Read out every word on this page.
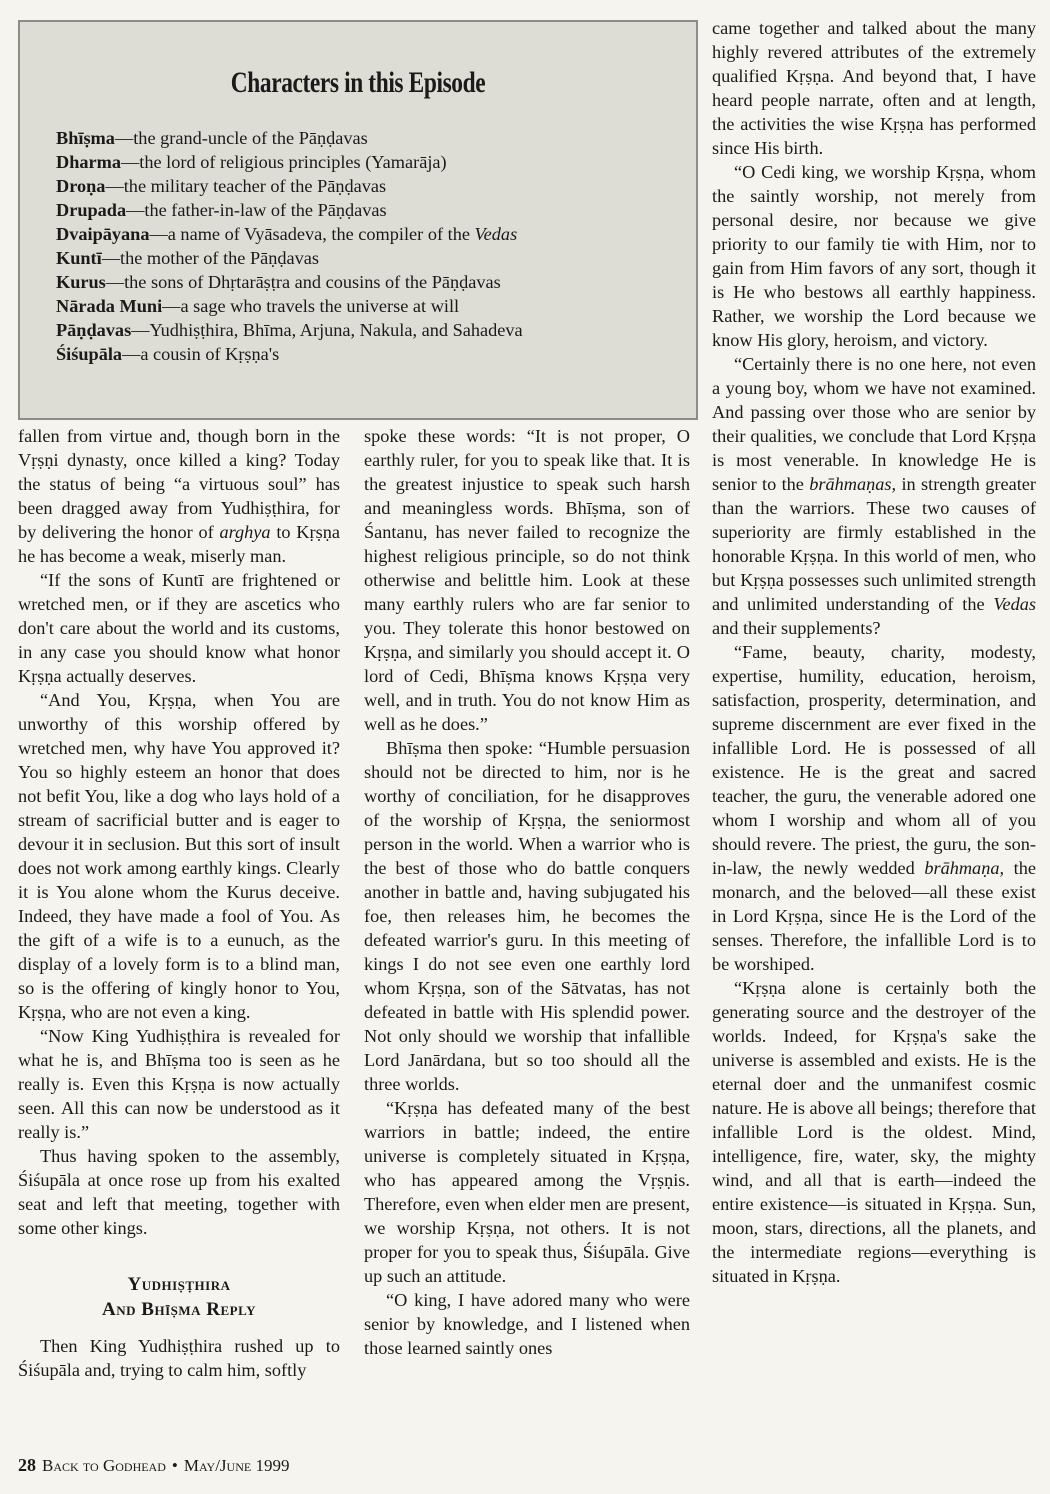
Characters in this Episode
Bhīṣma—the grand-uncle of the Pāṇḍavas
Dharma—the lord of religious principles (Yamarāja)
Droṇa—the military teacher of the Pāṇḍavas
Drupada—the father-in-law of the Pāṇḍavas
Dvaipāyana—a name of Vyāsadeva, the compiler of the Vedas
Kuntī—the mother of the Pāṇḍavas
Kurus—the sons of Dhṛtarāṣṭra and cousins of the Pāṇḍavas
Nārada Muni—a sage who travels the universe at will
Pāṇḍavas—Yudhiṣṭhira, Bhīma, Arjuna, Nakula, and Sahadeva
Śiśupāla—a cousin of Kṛṣṇa's

fallen from virtue and, though born in the Vṛṣṇi dynasty, once killed a king? Today the status of being “a virtuous soul” has been dragged away from Yudhiṣṭhira, for by delivering the honor of arghya to Kṛṣṇa he has become a weak, miserly man.

“If the sons of Kuntī are frightened or wretched men, or if they are ascetics who don't care about the world and its customs, in any case you should know what honor Kṛṣṇa actually deserves.

“And You, Kṛṣṇa, when You are unworthy of this worship offered by wretched men, why have You approved it? You so highly esteem an honor that does not befit You, like a dog who lays hold of a stream of sacrificial butter and is eager to devour it in seclusion. But this sort of insult does not work among earthly kings. Clearly it is You alone whom the Kurus deceive. Indeed, they have made a fool of You. As the gift of a wife is to a eunuch, as the display of a lovely form is to a blind man, so is the offering of kingly honor to You, Kṛṣṇa, who are not even a king.

“Now King Yudhiṣṭhira is revealed for what he is, and Bhīṣma too is seen as he really is. Even this Kṛṣṇa is now actually seen. All this can now be understood as it really is.”

Thus having spoken to the assembly, Śiśupāla at once rose up from his exalted seat and left that meeting, together with some other kings.

Yudhiṣṭhira
And Bhīṣma Reply

Then King Yudhiṣṭhira rushed up to Śiśupāla and, trying to calm him, softly

spoke these words: “It is not proper, O earthly ruler, for you to speak like that. It is the greatest injustice to speak such harsh and meaningless words. Bhīṣma, son of Śantanu, has never failed to recognize the highest religious principle, so do not think otherwise and belittle him. Look at these many earthly rulers who are far senior to you. They tolerate this honor bestowed on Kṛṣṇa, and similarly you should accept it. O lord of Cedi, Bhīṣma knows Kṛṣṇa very well, and in truth. You do not know Him as well as he does.”

Bhīṣma then spoke: “Humble persuasion should not be directed to him, nor is he worthy of conciliation, for he disapproves of the worship of Kṛṣṇa, the seniormost person in the world. When a warrior who is the best of those who do battle conquers another in battle and, having subjugated his foe, then releases him, he becomes the defeated warrior's guru. In this meeting of kings I do not see even one earthly lord whom Kṛṣṇa, son of the Sātvatas, has not defeated in battle with His splendid power. Not only should we worship that infallible Lord Janārdana, but so too should all the three worlds.

“Kṛṣṇa has defeated many of the best warriors in battle; indeed, the entire universe is completely situated in Kṛṣṇa, who has appeared among the Vṛṣṇis. Therefore, even when elder men are present, we worship Kṛṣṇa, not others. It is not proper for you to speak thus, Śiśupāla. Give up such an attitude.

“O king, I have adored many who were senior by knowledge, and I listened when those learned saintly ones

came together and talked about the many highly revered attributes of the extremely qualified Kṛṣṇa. And beyond that, I have heard people narrate, often and at length, the activities the wise Kṛṣṇa has performed since His birth.

“O Cedi king, we worship Kṛṣṇa, whom the saintly worship, not merely from personal desire, nor because we give priority to our family tie with Him, nor to gain from Him favors of any sort, though it is He who bestows all earthly happiness. Rather, we worship the Lord because we know His glory, heroism, and victory.

“Certainly there is no one here, not even a young boy, whom we have not examined. And passing over those who are senior by their qualities, we conclude that Lord Kṛṣṇa is most venerable. In knowledge He is senior to the brāhmaṇas, in strength greater than the warriors. These two causes of superiority are firmly established in the honorable Kṛṣṇa. In this world of men, who but Kṛṣṇa possesses such unlimited strength and unlimited understanding of the Vedas and their supplements?

“Fame, beauty, charity, modesty, expertise, humility, education, heroism, satisfaction, prosperity, determination, and supreme discernment are ever fixed in the infallible Lord. He is possessed of all existence. He is the great and sacred teacher, the guru, the venerable adored one whom I worship and whom all of you should revere. The priest, the guru, the son-in-law, the newly wedded brāhmaṇa, the monarch, and the beloved—all these exist in Lord Kṛṣṇa, since He is the Lord of the senses. Therefore, the infallible Lord is to be worshiped.

“Kṛṣṇa alone is certainly both the generating source and the destroyer of the worlds. Indeed, for Kṛṣṇa's sake the universe is assembled and exists. He is the eternal doer and the unmanifest cosmic nature. He is above all beings; therefore that infallible Lord is the oldest. Mind, intelligence, fire, water, sky, the mighty wind, and all that is earth—indeed the entire existence—is situated in Kṛṣṇa. Sun, moon, stars, directions, all the planets, and the intermediate regions—everything is situated in Kṛṣṇa.

28 Back to Godhead • May/June 1999
